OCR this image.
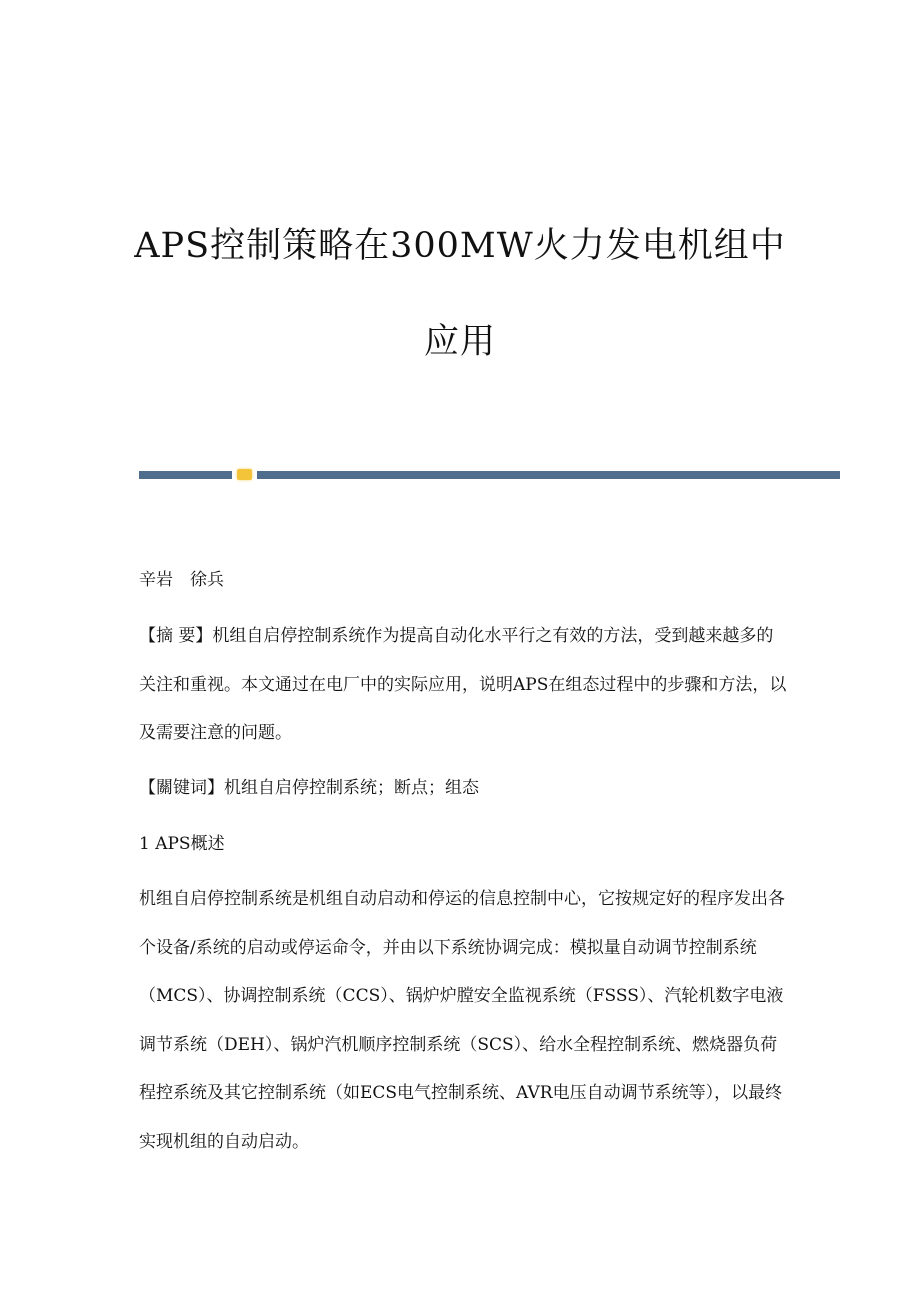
APS控制策略在300MW火力发电机组中
应用

辛岩　徐兵

【摘 要】机组自启停控制系统作为提高自动化水平行之有效的方法，受到越来越多的关注和重视。本文通过在电厂中的实际应用，说明APS在组态过程中的步骤和方法，以及需要注意的问题。

【關键词】机组自启停控制系统；断点；组态

1 APS概述

机组自启停控制系统是机组自动启动和停运的信息控制中心，它按规定好的程序发出各个设备/系统的启动或停运命令，并由以下系统协调完成：模拟量自动调节控制系统（MCS）、协调控制系统（CCS）、锅炉炉膛安全监视系统（FSSS）、汽轮机数字电液调节系统（DEH）、锅炉汽机顺序控制系统（SCS）、给水全程控制系统、燃烧器负荷程控系统及其它控制系统（如ECS电气控制系统、AVR电压自动调节系统等），以最终实现机组的自动启动。
